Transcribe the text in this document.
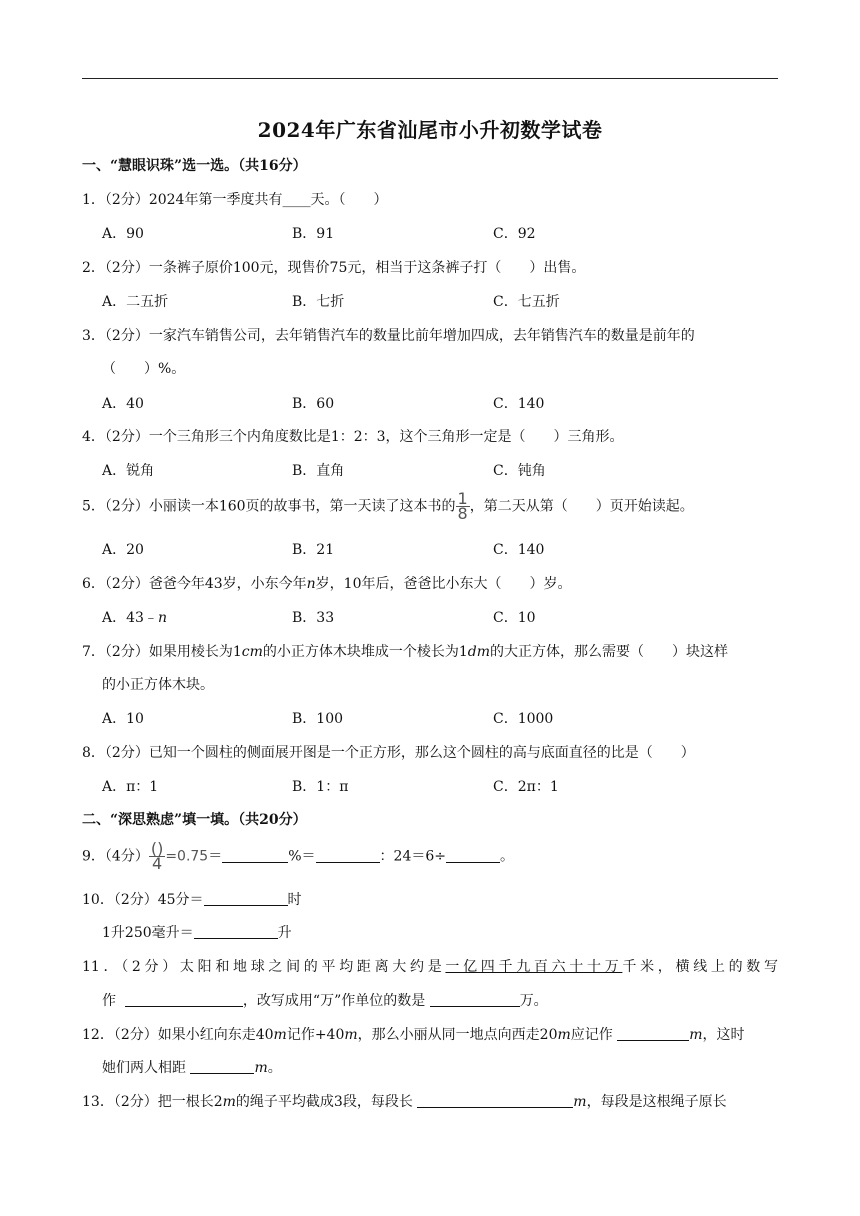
2024年广东省汕尾市小升初数学试卷
一、“慧眼识珠”选一选。（共16分）
1．（2分）2024年第一季度共有____天。（　　）
A．90	B．91	C．92
2．（2分）一条裤子原价100元，现售价75元，相当于这条裤子打（　　）出售。
A．二五折	B．七折	C．七五折
3．（2分）一家汽车销售公司，去年销售汽车的数量比前年增加四成，去年销售汽车的数量是前年的
（　　）%。
A．40	B．60	C．140
4．（2分）一个三角形三个内角度数比是1：2：3，这个三角形一定是（　　）三角形。
A．锐角	B．直角	C．钝角
5．（2分）小丽读一本160页的故事书，第一天读了这本书的 $\frac{1}{8}$ ，第二天从第（　　）页开始读起。
A．20	B．21	C．140
6．（2分）爸爸今年43岁，小东今年n岁，10年后，爸爸比小东大（　　）岁。
A．43﹣n	B．33	C．10
7．（2分）如果用棱长为1cm的小正方体木块堆成一个棱长为1dm的大正方体，那么需要（　　）块这样
的小正方体木块。
A．10	B．100	C．1000
8．（2分）已知一个圆柱的侧面展开图是一个正方形，那么这个圆柱的高与底面直径的比是（　　）
A．π：1	B．1：π	C．2π：1
二、“深思熟虑”填一填。（共20分）
9．（4分） $\frac{()}{4} =0.75=$	%＝	：24＝6÷	。
10．（2分）45分＝	时
1升250毫升＝	升
11．（2分）太阳和地球之间的平均距离大约是一亿四千九百六十十万千米，横线上的数写
作	，改写成用“万”作单位的数是	万。
12．（2分）如果小红向东走40m记作+40m，那么小丽从同一地点向西走20m应记作	m，这时
她们两人相距	m。
13．（2分）把一根长2m的绳子平均截成3段，每段长	m，每段是这根绳子原长
